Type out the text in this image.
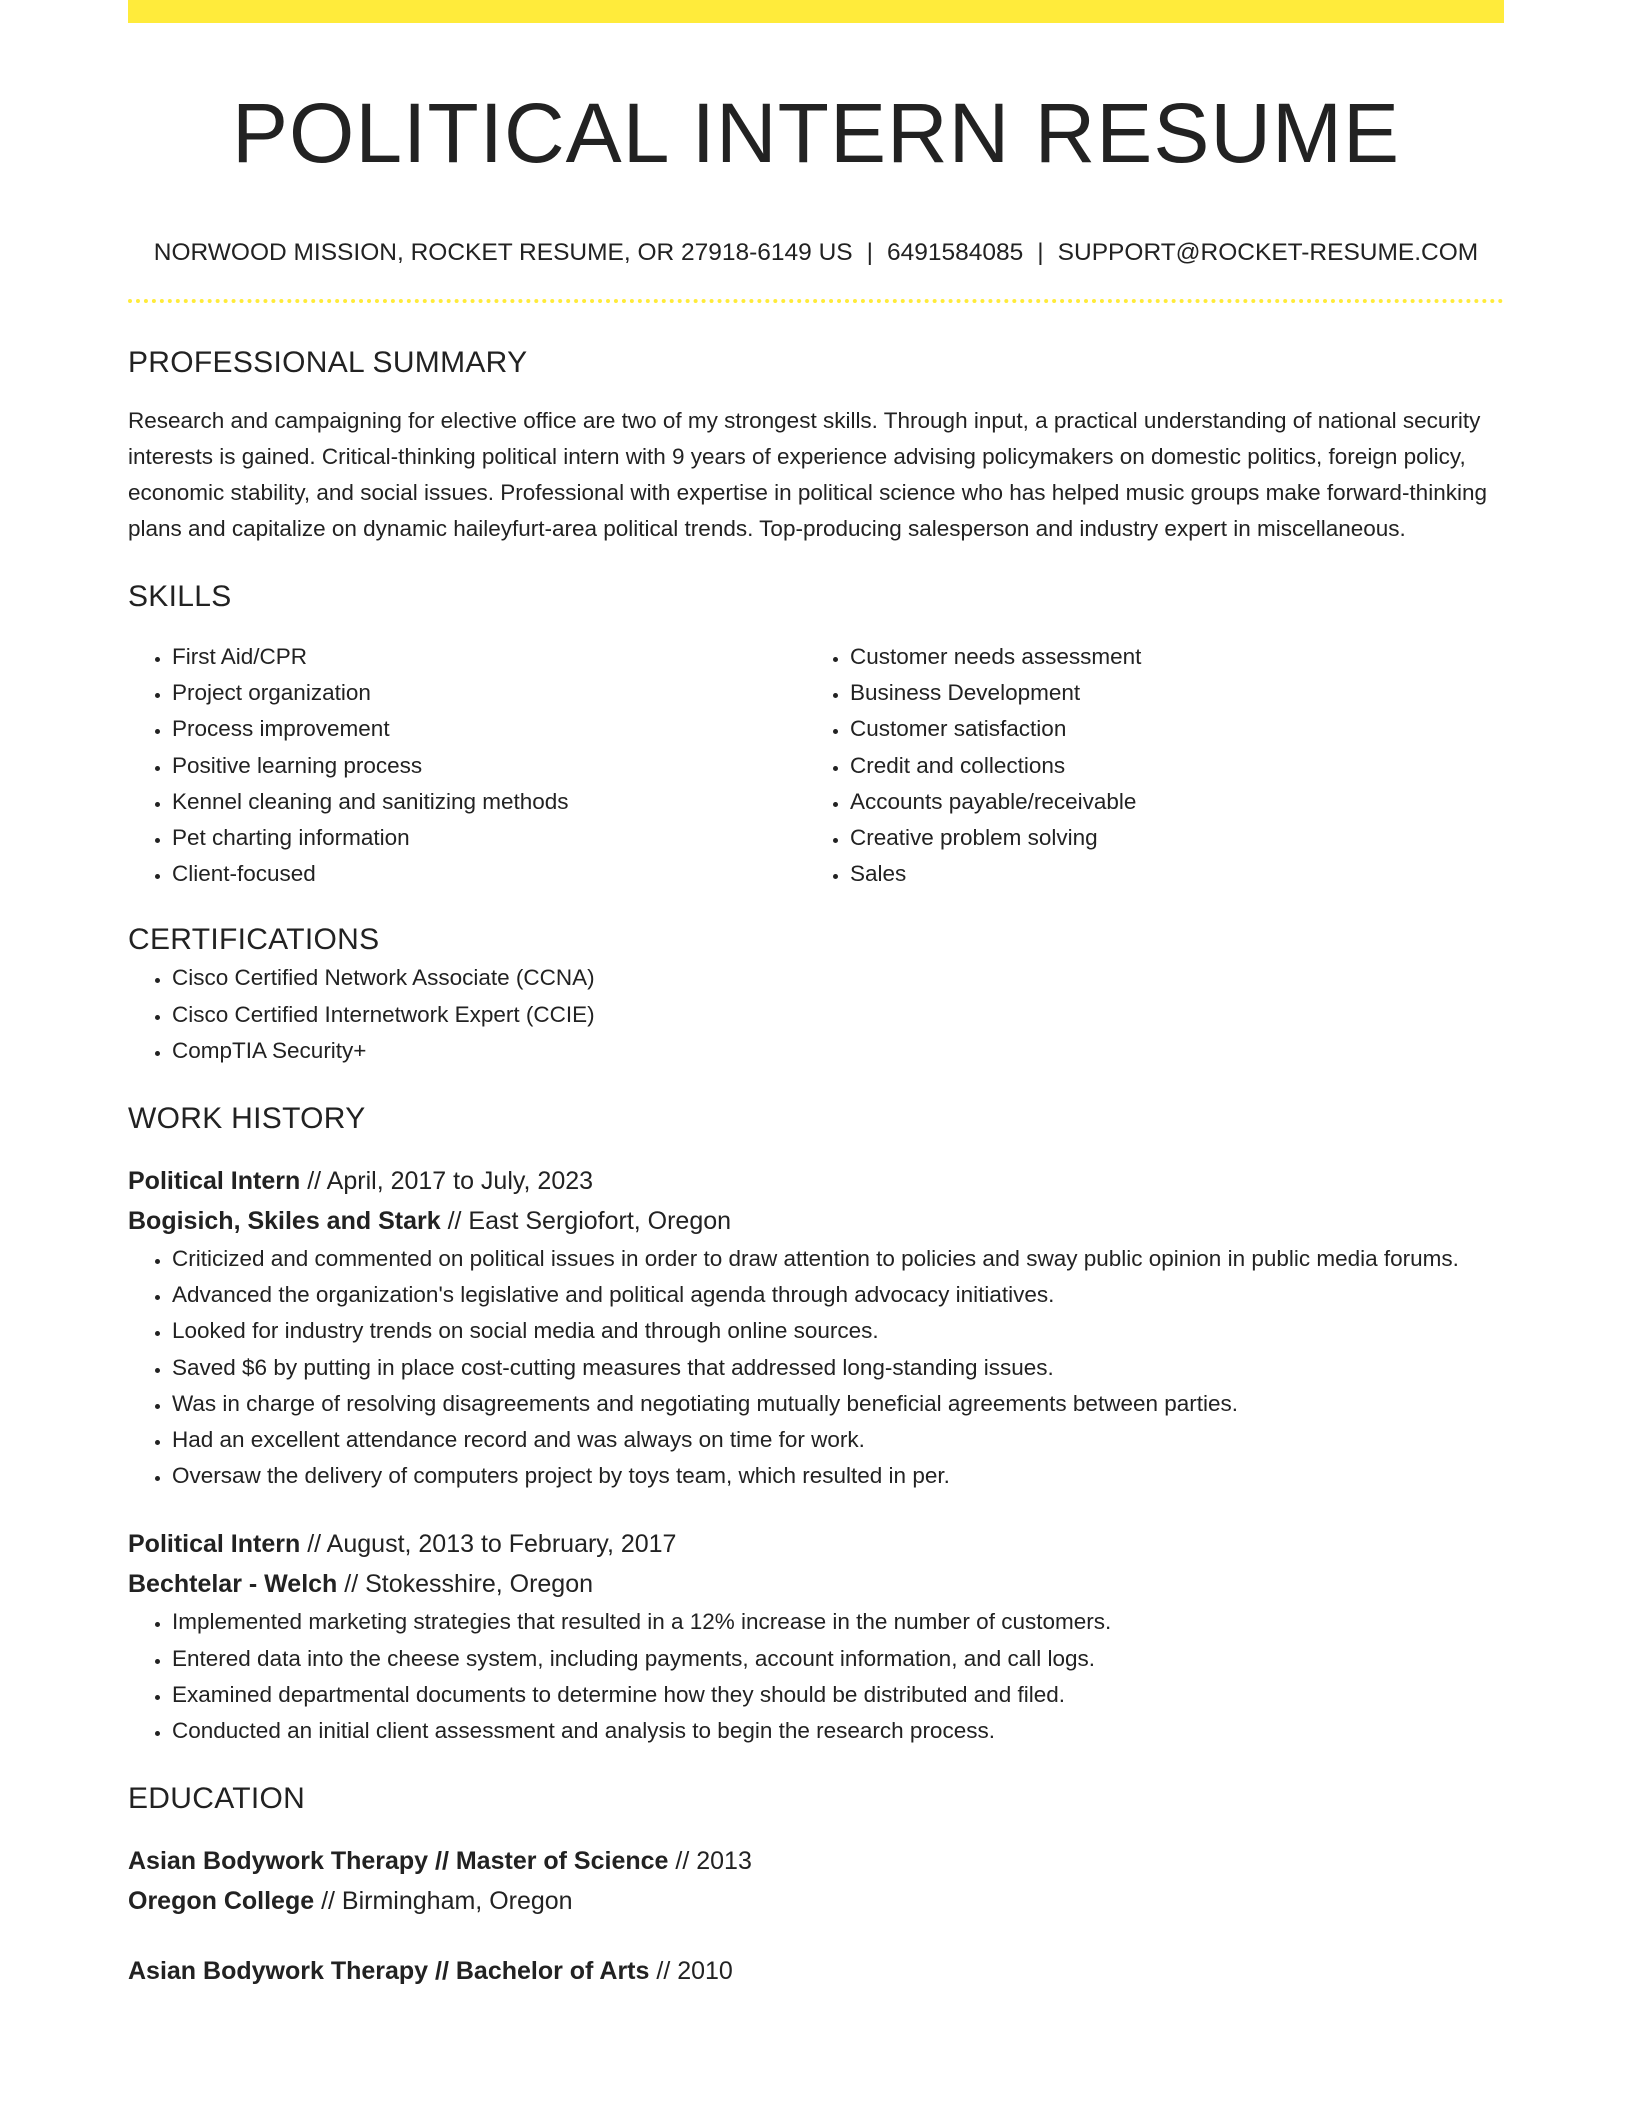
POLITICAL INTERN RESUME
NORWOOD MISSION, ROCKET RESUME, OR 27918-6149 US | 6491584085 | SUPPORT@ROCKET-RESUME.COM
PROFESSIONAL SUMMARY

Research and campaigning for elective office are two of my strongest skills. Through input, a practical understanding of national security interests is gained. Critical-thinking political intern with 9 years of experience advising policymakers on domestic politics, foreign policy, economic stability, and social issues. Professional with expertise in political science who has helped music groups make forward-thinking plans and capitalize on dynamic haileyfurt-area political trends. Top-producing salesperson and industry expert in miscellaneous.

SKILLS
• First Aid/CPR
• Project organization
• Process improvement
• Positive learning process
• Kennel cleaning and sanitizing methods
• Pet charting information
• Client-focused
• Customer needs assessment
• Business Development
• Customer satisfaction
• Credit and collections
• Accounts payable/receivable
• Creative problem solving
• Sales
CERTIFICATIONS
• Cisco Certified Network Associate (CCNA)
• Cisco Certified Internetwork Expert (CCIE)
• CompTIA Security+
WORK HISTORY
Political Intern // April, 2017 to July, 2023
Bogisich, Skiles and Stark // East Sergiofort, Oregon
• Criticized and commented on political issues in order to draw attention to policies and sway public opinion in public media forums.
• Advanced the organization's legislative and political agenda through advocacy initiatives.
• Looked for industry trends on social media and through online sources.
• Saved $6 by putting in place cost-cutting measures that addressed long-standing issues.
• Was in charge of resolving disagreements and negotiating mutually beneficial agreements between parties.
• Had an excellent attendance record and was always on time for work.
• Oversaw the delivery of computers project by toys team, which resulted in per.
Political Intern // August, 2013 to February, 2017
Bechtelar - Welch // Stokesshire, Oregon
• Implemented marketing strategies that resulted in a 12% increase in the number of customers.
• Entered data into the cheese system, including payments, account information, and call logs.
• Examined departmental documents to determine how they should be distributed and filed.
• Conducted an initial client assessment and analysis to begin the research process.
EDUCATION
Asian Bodywork Therapy // Master of Science // 2013
Oregon College // Birmingham, Oregon
Asian Bodywork Therapy // Bachelor of Arts // 2010
